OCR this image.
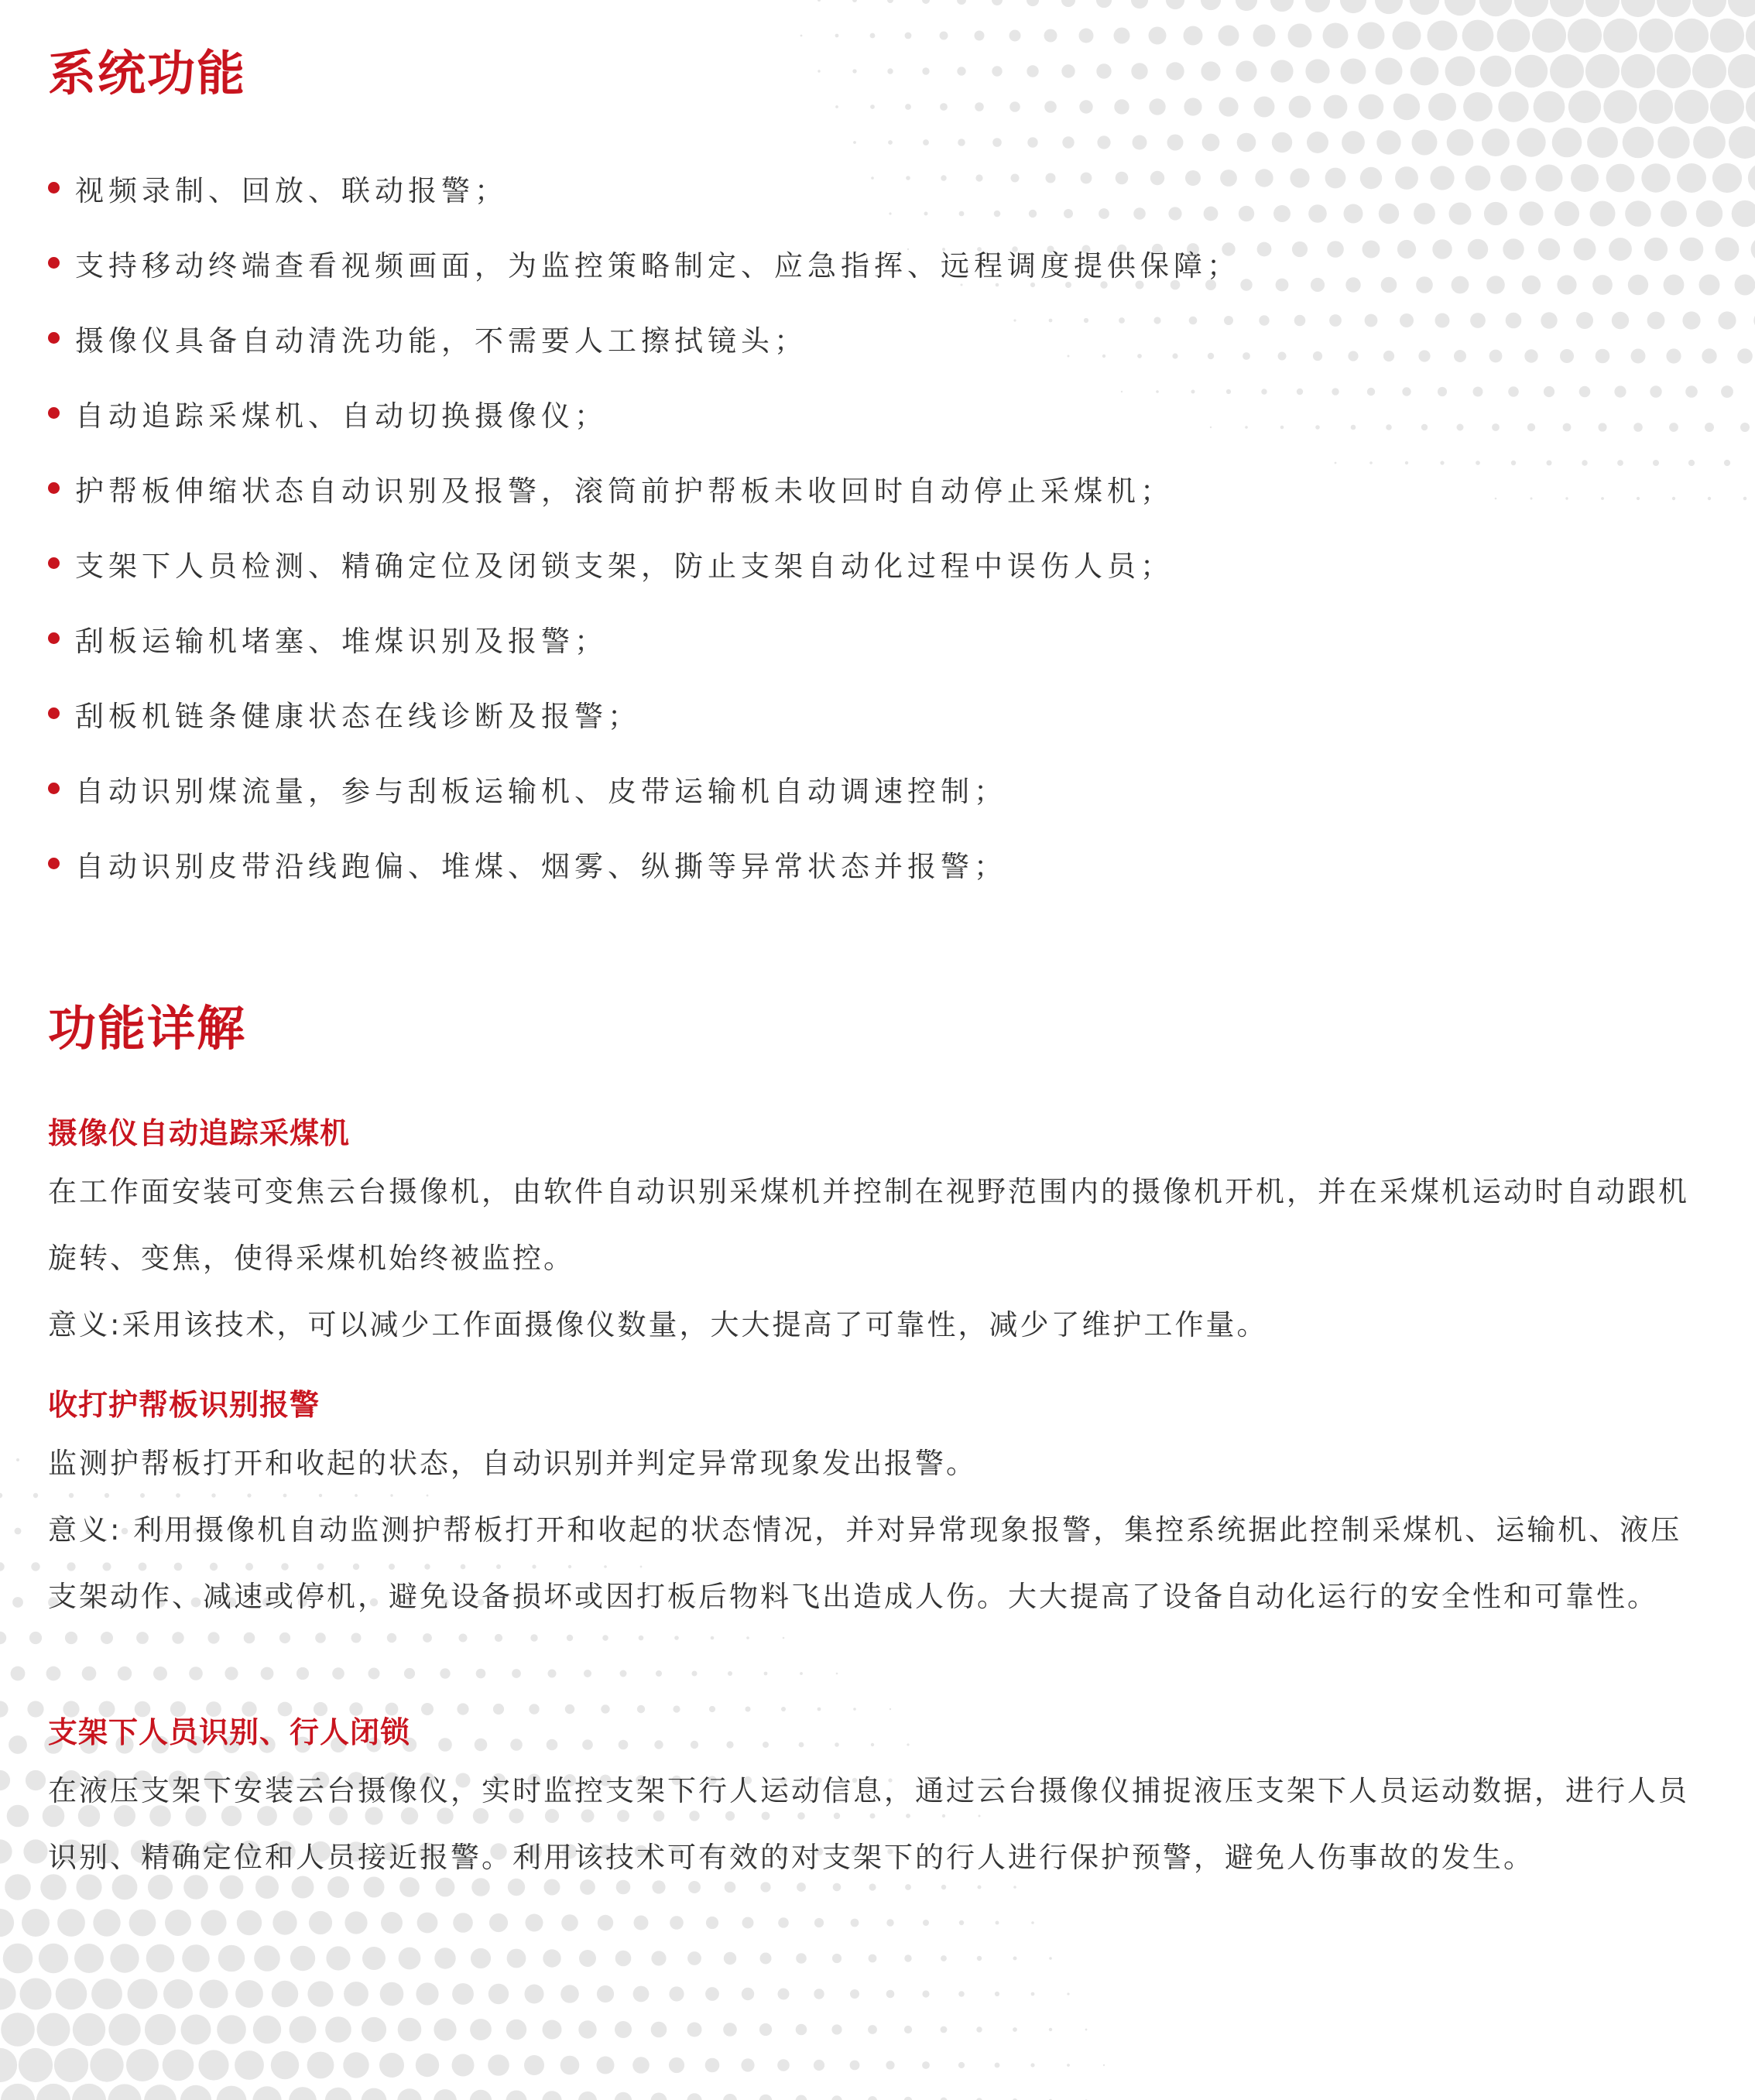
系统功能
视频录制、回放、联动报警；
支持移动终端查看视频画面，为监控策略制定、应急指挥、远程调度提供保障；
摄像仪具备自动清洗功能，不需要人工擦拭镜头；
自动追踪采煤机、自动切换摄像仪；
护帮板伸缩状态自动识别及报警，滚筒前护帮板未收回时自动停止采煤机；
支架下人员检测、精确定位及闭锁支架，防止支架自动化过程中误伤人员；
刮板运输机堵塞、堆煤识别及报警；
刮板机链条健康状态在线诊断及报警；
自动识别煤流量，参与刮板运输机、皮带运输机自动调速控制；
自动识别皮带沿线跑偏、堆煤、烟雾、纵撕等异常状态并报警；
功能详解
摄像仪自动追踪采煤机

在工作面安装可变焦云台摄像机，由软件自动识别采煤机并控制在视野范围内的摄像机开机，并在采煤机运动时自动跟机旋转、变焦，使得采煤机始终被监控。

意义:采用该技术，可以减少工作面摄像仪数量，大大提高了可靠性，减少了维护工作量。

收打护帮板识别报警

监测护帮板打开和收起的状态，自动识别并判定异常现象发出报警。

意义: 利用摄像机自动监测护帮板打开和收起的状态情况，并对异常现象报警，集控系统据此控制采煤机、运输机、液压支架动作、减速或停机，避免设备损坏或因打板后物料飞出造成人伤。大大提高了设备自动化运行的安全性和可靠性。

支架下人员识别、行人闭锁

在液压支架下安装云台摄像仪，实时监控支架下行人运动信息，通过云台摄像仪捕捉液压支架下人员运动数据，进行人员识别、精确定位和人员接近报警。利用该技术可有效的对支架下的行人进行保护预警，避免人伤事故的发生。
